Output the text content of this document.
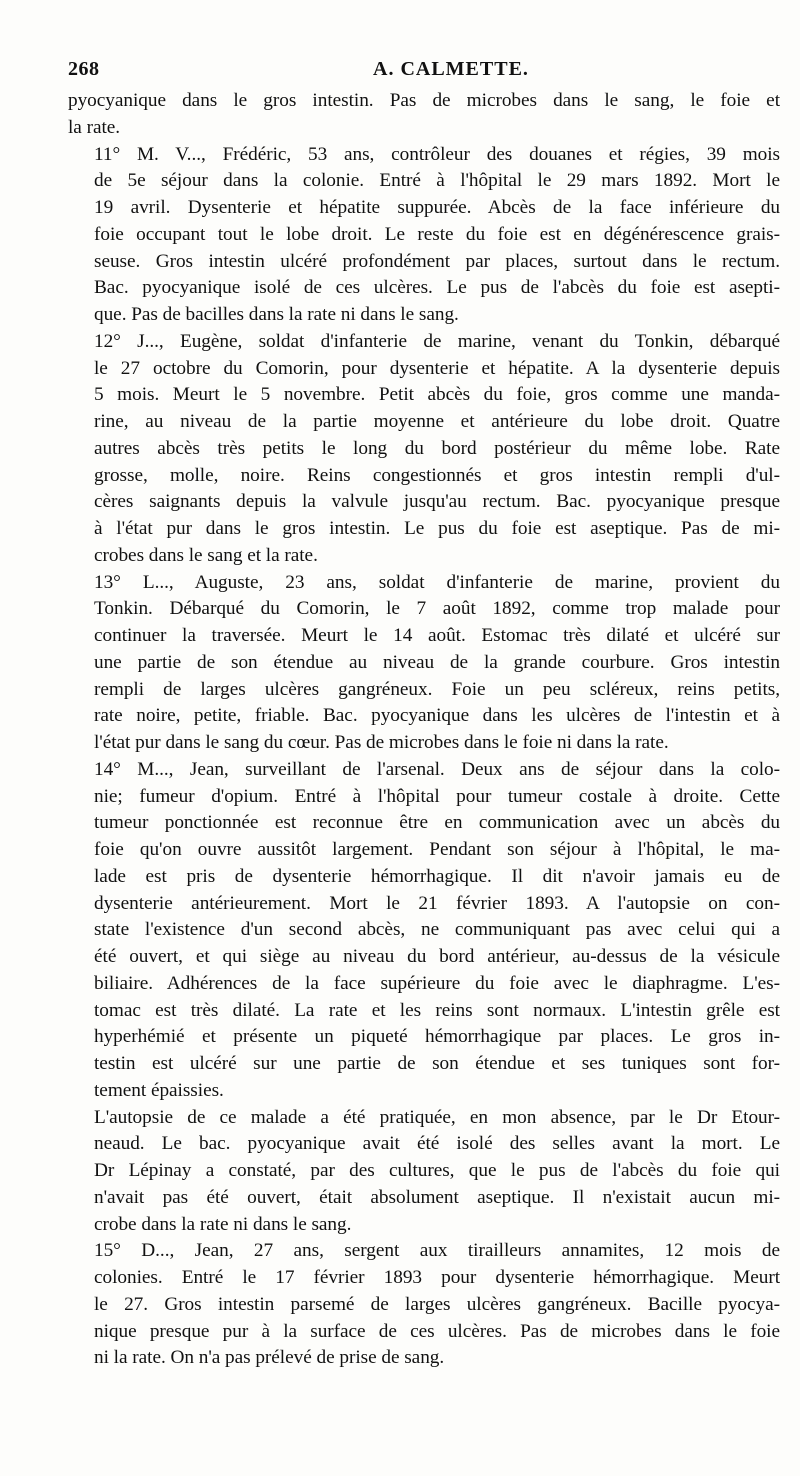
268	A. CALMETTE.

pyocyanique dans le gros intestin. Pas de microbes dans le sang, le foie et
la rate.

11° M. V..., Frédéric, 53 ans, contrôleur des douanes et régies, 39 mois
de 5e séjour dans la colonie. Entré à l'hôpital le 29 mars 1892. Mort le
19 avril. Dysenterie et hépatite suppurée. Abcès de la face inférieure du
foie occupant tout le lobe droit. Le reste du foie est en dégénérescence grais-
seuse. Gros intestin ulcéré profondément par places, surtout dans le rectum.
Bac. pyocyanique isolé de ces ulcères. Le pus de l'abcès du foie est asepti-
que. Pas de bacilles dans la rate ni dans le sang.

12° J..., Eugène, soldat d'infanterie de marine, venant du Tonkin, débarqué
le 27 octobre du Comorin, pour dysenterie et hépatite. A la dysenterie depuis
5 mois. Meurt le 5 novembre. Petit abcès du foie, gros comme une manda-
rine, au niveau de la partie moyenne et antérieure du lobe droit. Quatre
autres abcès très petits le long du bord postérieur du même lobe. Rate
grosse, molle, noire. Reins congestionnés et gros intestin rempli d'ul-
cères saignants depuis la valvule jusqu'au rectum. Bac. pyocyanique presque
à l'état pur dans le gros intestin. Le pus du foie est aseptique. Pas de mi-
crobes dans le sang et la rate.

13° L..., Auguste, 23 ans, soldat d'infanterie de marine, provient du
Tonkin. Débarqué du Comorin, le 7 août 1892, comme trop malade pour
continuer la traversée. Meurt le 14 août. Estomac très dilaté et ulcéré sur
une partie de son étendue au niveau de la grande courbure. Gros intestin
rempli de larges ulcères gangréneux. Foie un peu scléreux, reins petits,
rate noire, petite, friable. Bac. pyocyanique dans les ulcères de l'intestin et à
l'état pur dans le sang du cœur. Pas de microbes dans le foie ni dans la rate.

14° M..., Jean, surveillant de l'arsenal. Deux ans de séjour dans la colo-
nie; fumeur d'opium. Entré à l'hôpital pour tumeur costale à droite. Cette
tumeur ponctionnée est reconnue être en communication avec un abcès du
foie qu'on ouvre aussitôt largement. Pendant son séjour à l'hôpital, le ma-
lade est pris de dysenterie hémorrhagique. Il dit n'avoir jamais eu de
dysenterie antérieurement. Mort le 21 février 1893. A l'autopsie on con-
state l'existence d'un second abcès, ne communiquant pas avec celui qui a
été ouvert, et qui siège au niveau du bord antérieur, au-dessus de la vésicule
biliaire. Adhérences de la face supérieure du foie avec le diaphragme. L'es-
tomac est très dilaté. La rate et les reins sont normaux. L'intestin grêle est
hyperhémié et présente un piqueté hémorrhagique par places. Le gros in-
testin est ulcéré sur une partie de son étendue et ses tuniques sont for-
tement épaissies.

L'autopsie de ce malade a été pratiquée, en mon absence, par le Dr Etour-
neaud. Le bac. pyocyanique avait été isolé des selles avant la mort. Le
Dr Lépinay a constaté, par des cultures, que le pus de l'abcès du foie qui
n'avait pas été ouvert, était absolument aseptique. Il n'existait aucun mi-
crobe dans la rate ni dans le sang.

15° D..., Jean, 27 ans, sergent aux tirailleurs annamites, 12 mois de
colonies. Entré le 17 février 1893 pour dysenterie hémorrhagique. Meurt
le 27. Gros intestin parsemé de larges ulcères gangréneux. Bacille pyocya-
nique presque pur à la surface de ces ulcères. Pas de microbes dans le foie
ni la rate. On n'a pas prélevé de prise de sang.
